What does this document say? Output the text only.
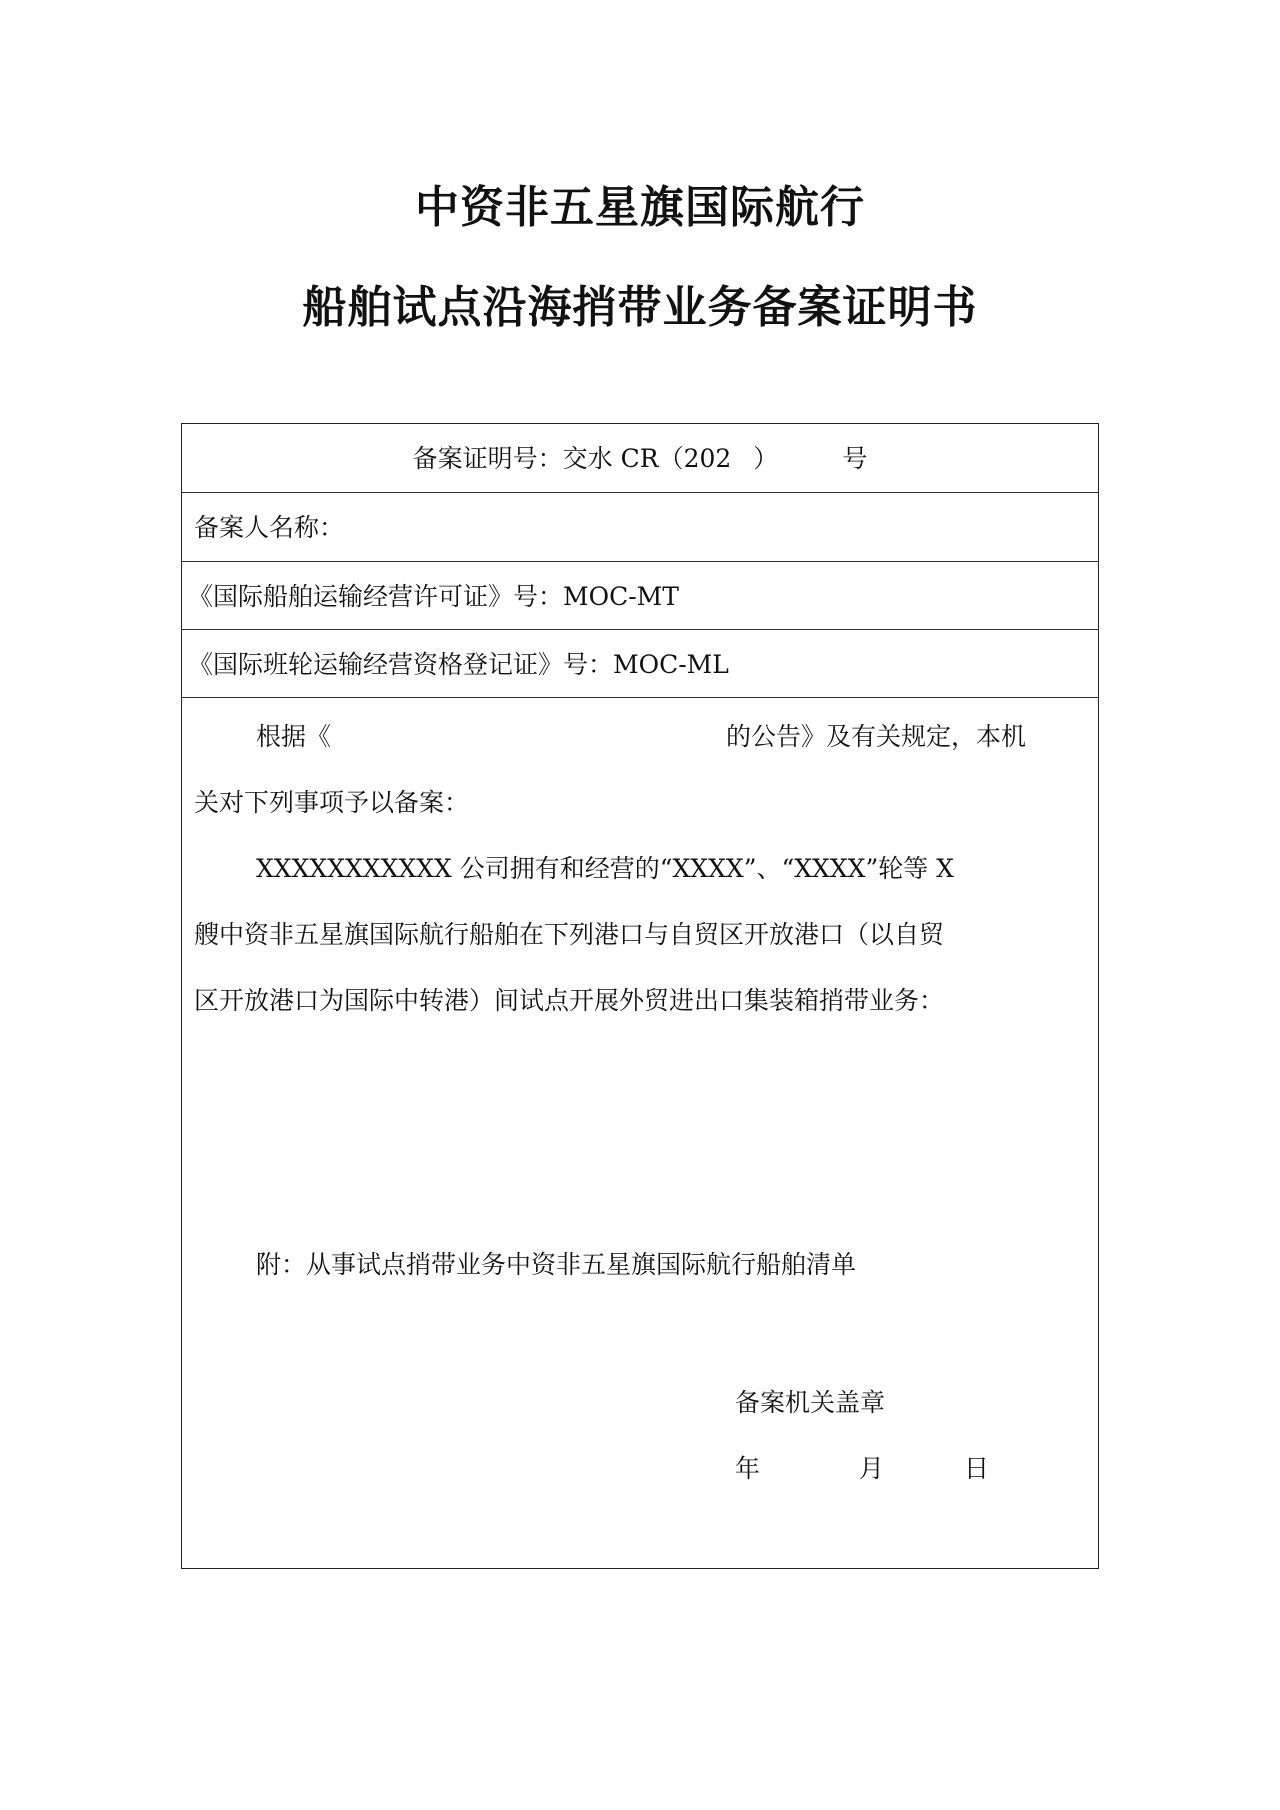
中资非五星旗国际航行
船舶试点沿海捎带业务备案证明书
备案证明号：交水 CR（202 ）	号
备案人名称：
《国际船舶运输经营许可证》号：MOC-MT
《国际班轮运输经营资格登记证》号：MOC-ML
根据《	的公告》及有关规定，本机
关对下列事项予以备案：
XXXXXXXXXXX 公司拥有和经营的“XXXX”、“XXXX”轮等 X
艘中资非五星旗国际航行船舶在下列港口与自贸区开放港口（以自贸
区开放港口为国际中转港）间试点开展外贸进出口集装箱捎带业务：
附：从事试点捎带业务中资非五星旗国际航行船舶清单
备案机关盖章
年	月	日
